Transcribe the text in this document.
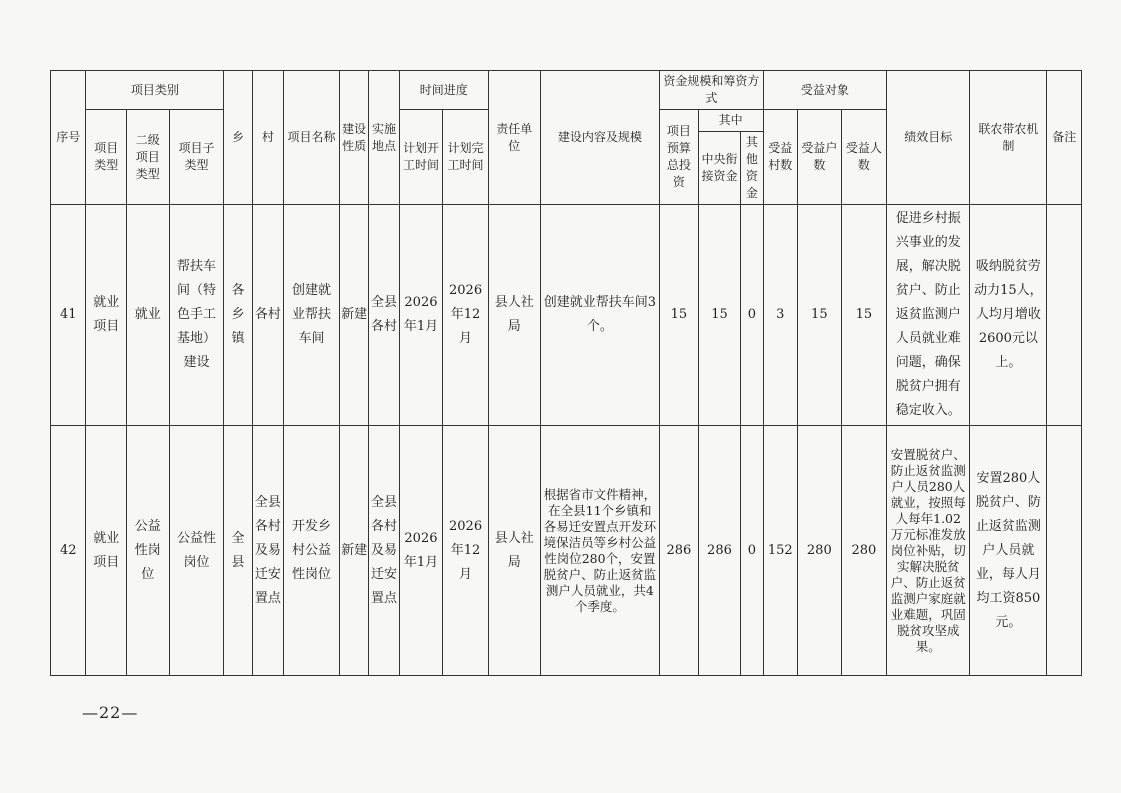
序号	项目类别			乡	村	项目名称	建设性质	实施地点	时间进度		责任单位	建设内容及规模	资金规模和筹资方式			受益对象			绩效目标	联农带农机制	备注
	项目类型	二级项目类型	项目子类型						计划开工时间	计划完工时间			项目预算总投资	其中		受益村数	受益户数	受益人数			
														中央衔接资金	其他资金						
41	就业项目	就业	帮扶车间（特色手工基地）建设	各乡镇	各村	创建就业帮扶车间	新建	全县各村	2026年1月	2026年12月	县人社局	创建就业帮扶车间3个。	15	15	0	3	15	15	促进乡村振兴事业的发展，解决脱贫户、防止返贫监测户人员就业难问题，确保脱贫户拥有稳定收入。	吸纳脱贫劳动力15人，人均月增收2600元以上。	
42	就业项目	公益性岗位	公益性岗位	全县	全县各村及易迁安置点	开发乡村公益性岗位	新建	全县各村及易迁安置点	2026年1月	2026年12月	县人社局	根据省市文件精神，在全县11个乡镇和各易迁安置点开发环境保洁员等乡村公益性岗位280个，安置脱贫户、防止返贫监测户人员就业，共4个季度。	286	286	0	152	280	280	安置脱贫户、防止返贫监测户人员280人就业，按照每人每年1.02万元标准发放岗位补贴，切实解决脱贫户、防止返贫监测户家庭就业难题，巩固脱贫攻坚成果。	安置280人脱贫户、防止返贫监测户人员就业，每人月均工资850元。	
—22—
